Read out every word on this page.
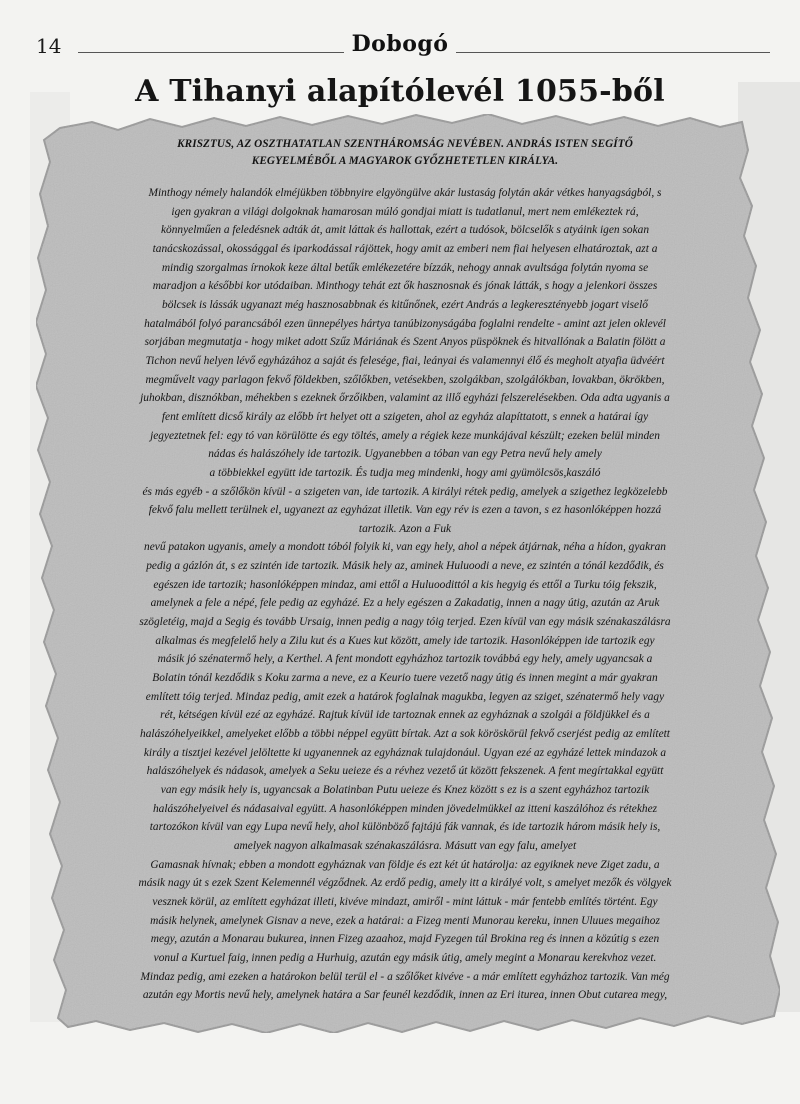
14	Dobogó
A Tihanyi alapítólevél 1055-ből
KRISZTUS, AZ OSZTHATATLAN SZENTHÁROMSÁG NEVÉBEN. ANDRÁS ISTEN SEGÍTŐ
KEGYELMÉBŐL A MAGYAROK GYŐZHETETLEN KIRÁLYA.
Minthogy némely halandók elméjükben többnyire elgyöngülve akár lustaság folytán akár vétkes hanyagságból, s
igen gyakran a világi dolgoknak hamarosan múló gondjai miatt is tudatlanul, mert nem emlékeztek rá,
könnyelműen a feledésnek adták át, amit láttak és hallottak, ezért a tudósok, bölcselők s atyáink igen sokan
tanácskozással, okossággal és iparkodással rájöttek, hogy amit az emberi nem fiai helyesen elhatároztak, azt a
mindig szorgalmas írnokok keze által betűk emlékezetére bízzák, nehogy annak avultsága folytán nyoma se
maradjon a későbbi kor utódaiban. Minthogy tehát ezt ők hasznosnak és jónak látták, s hogy a jelenkori összes
bölcsek is lássák ugyanazt még hasznosabbnak és kitűnőnek, ezért András a legkeresztényebb jogart viselő
hatalmából folyó parancsából ezen ünnepélyes hártya tanúbizonyságába foglalni rendelte - amint azt jelen oklevél
sorjában megmutatja - hogy miket adott Szűz Máriának és Szent Anyos püspöknek és hitvallónak a Balatin fölött a
Tichon nevű helyen lévő egyházához a saját és felesége, fiai, leányai és valamennyi élő és megholt atyafia üdvéért
megművelt vagy parlagon fekvő földekben, szőlőkben, vetésekben, szolgákban, szolgálókban, lovakban, ökrökben,
juhokban, disznókban, méhekben s ezeknek őrzőikben, valamint az illő egyházi felszerelésekben. Oda adta ugyanis a
fent említett dicső király az előbb írt helyet ott a szigeten, ahol az egyház alapíttatott, s ennek a határai így
jegyeztetnek fel: egy tó van körülötte és egy töltés, amely a régiek keze munkájával készült; ezeken belül minden
nádas és halászóhely ide tartozik. Ugyanebben a tóban van egy Petra nevű hely amely
a többiekkel együtt ide tartozik. És tudja meg mindenki, hogy ami gyümölcsös,kaszáló
és más egyéb - a szőlőkön kívül - a szigeten van, ide tartozik. A királyi rétek pedig, amelyek a szigethez legközelebb
fekvő falu mellett terülnek el, ugyanezt az egyházat illetik. Van egy rév is ezen a tavon, s ez hasonlóképpen hozzá
tartozik. Azon a Fuk
nevű patakon ugyanis, amely a mondott tóból folyik ki, van egy hely, ahol a népek átjárnak, néha a hídon, gyakran
pedig a gázlón át, s ez szintén ide tartozik. Másik hely az, aminek Huluoodi a neve, ez szintén a tónál kezdődik, és
egészen ide tartozik; hasonlóképpen mindaz, ami ettől a Huluoodittól a kis hegyig és ettől a Turku tóig fekszik,
amelynek a fele a népé, fele pedig az egyházé. Ez a hely egészen a Zakadatig, innen a nagy útig, azután az Aruk
szögletéig, majd a Segig és tovább Ursaig, innen pedig a nagy tóig terjed. Ezen kívül van egy másik szénakaszálásra
alkalmas és megfelelő hely a Zilu kut és a Kues kut között, amely ide tartozik. Hasonlóképpen ide tartozik egy
másik jó szénatermő hely, a Kerthel. A fent mondott egyházhoz tartozik továbbá egy hely, amely ugyancsak a
Bolatin tónál kezdődik s Koku zarma a neve, ez a Keurio tuere vezető nagy útig és innen megint a már gyakran
említett tóig terjed. Mindaz pedig, amit ezek a határok foglalnak magukba, legyen az sziget, szénatermő hely vagy
rét, kétségen kívül ezé az egyházé. Rajtuk kívül ide tartoznak ennek az egyháznak a szolgái a földjükkel és a
halászóhelyeikkel, amelyeket előbb a többi néppel együtt bírtak. Azt a sok köröskörül fekvő cserjést pedig az említett
király a tisztjei kezével jelöltette ki ugyanennek az egyháznak tulajdonául. Ugyan ezé az egyházé lettek mindazok a
halászóhelyek és nádasok, amelyek a Seku ueieze és a révhez vezető út között fekszenek. A fent megírtakkal együtt
van egy másik hely is, ugyancsak a Bolatinban Putu ueieze és Knez között s ez is a szent egyházhoz tartozik
halászóhelyeivel és nádasaival együtt. A hasonlóképpen minden jövedelmükkel az itteni kaszálóhoz és rétekhez
tartozókon kívül van egy Lupa nevű hely, ahol különböző fajtájú fák vannak, és ide tartozik három másik hely is,
amelyek nagyon alkalmasak szénakaszálásra. Másutt van egy falu, amelyet
Gamasnak hívnak; ebben a mondott egyháznak van földje és ezt két út határolja: az egyiknek neve Ziget zadu, a
másik nagy út s ezek Szent Kelemennél végződnek. Az erdő pedig, amely itt a királyé volt, s amelyet mezők és völgyek
vesznek körül, az említett egyházat illeti, kivéve mindazt, amiről - mint láttuk - már fentebb említés történt. Egy
másik helynek, amelynek Gisnav a neve, ezek a határai: a Fizeg menti Munorau kereku, innen Uluues megaihoz
megy, azután a Monarau bukurea, innen Fizeg azaahoz, majd Fyzegen túl Brokina reg és innen a közútig s ezen
vonul a Kurtuel faig, innen pedig a Hurhuig, azután egy másik útig, amely megint a Monarau kerekvhoz vezet.
Mindaz pedig, ami ezeken a határokon belül terül el - a szőlőket kivéve - a már említett egyházhoz tartozik. Van még
azután egy Mortis nevű hely, amelynek határa a Sar feunél kezdődik, innen az Eri iturea, innen Obut cutarea megy,
